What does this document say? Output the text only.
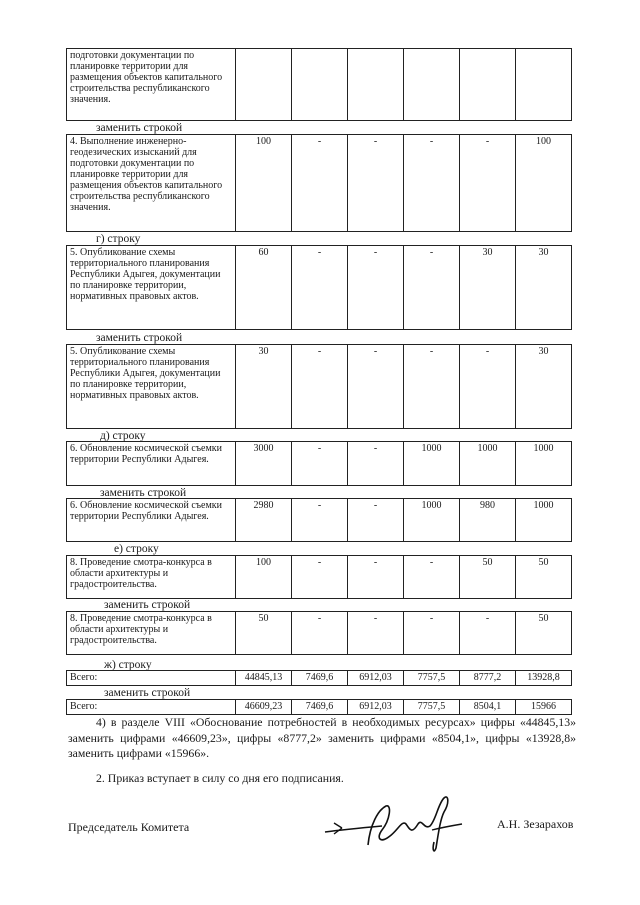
подготовки документации по планировке территории для размещения объектов капитального строительства республиканского значения.						
заменить строкой
4. Выполнение инженерно-геодезических изысканий для подготовки документации по планировке территории для размещения объектов капитального строительства республиканского значения.	100	-	-	-	-	100
г) строку
5. Опубликование схемы территориального планирования Республики Адыгея, документации по планировке территории, нормативных правовых актов.	60	-	-	-	30	30
заменить строкой
5. Опубликование схемы территориального планирования Республики Адыгея, документации по планировке территории, нормативных правовых актов.	30	-	-	-	-	30
д) строку
6. Обновление космической съемки территории Республики Адыгея.	3000	-	-	1000	1000	1000
заменить строкой
6. Обновление космической съемки территории Республики Адыгея.	2980	-	-	1000	980	1000
е) строку
8. Проведение смотра-конкурса в области архитектуры и градостроительства.	100	-	-	-	50	50
заменить строкой
8. Проведение смотра-конкурса в области архитектуры и градостроительства.	50	-	-	-	-	50
ж) строку
Всего:	44845,13	7469,6	6912,03	7757,5	8777,2	13928,8
заменить строкой
Всего:	46609,23	7469,6	6912,03	7757,5	8504,1	15966
4) в разделе VIII «Обоснование потребностей в необходимых ресурсах» цифры «44845,13» заменить цифрами «46609,23», цифры «8777,2» заменить цифрами «8504,1», цифры «13928,8» заменить цифрами «15966».
2. Приказ вступает в силу со дня его подписания.
Председатель Комитета	А.Н. Зезарахов
